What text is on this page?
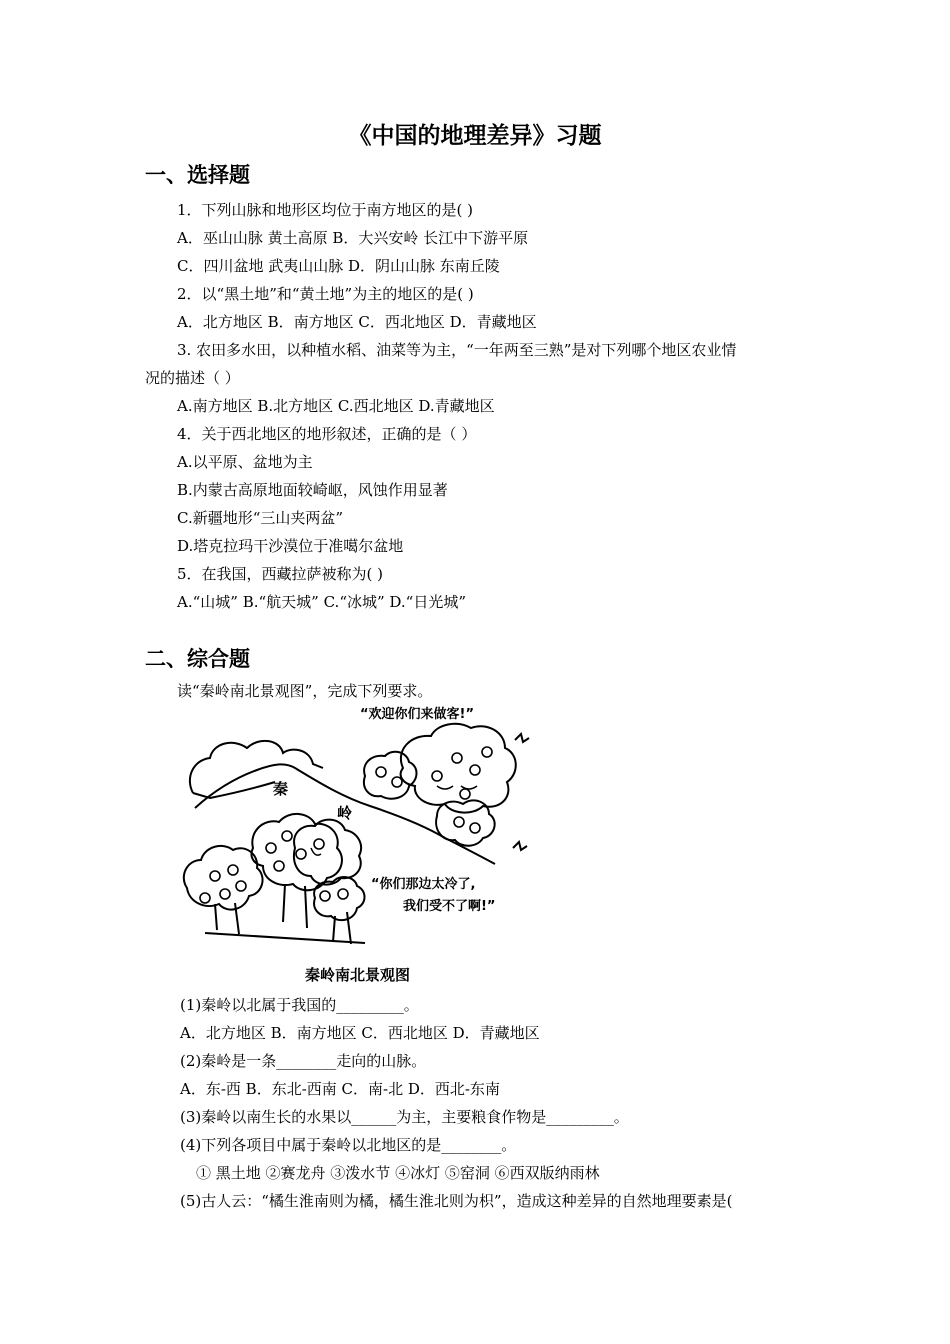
《中国的地理差异》习题
一、选择题
1．下列山脉和地形区均位于南方地区的是( )
A．巫山山脉 黄土高原 B．大兴安岭 长江中下游平原
C．四川盆地 武夷山山脉 D．阴山山脉 东南丘陵
2．以“黑土地”和“黄土地”为主的地区的是( )
A．北方地区 B．南方地区 C．西北地区 D．青藏地区
3. 农田多水田，以种植水稻、油菜等为主，“一年两至三熟”是对下列哪个地区农业情
况的描述（ ）
A.南方地区 B.北方地区 C.西北地区 D.青藏地区
4．关于西北地区的地形叙述，正确的是（ ）
A.以平原、盆地为主
B.内蒙古高原地面较崎岖，风蚀作用显著
C.新疆地形“三山夹两盆”
D.塔克拉玛干沙漠位于准噶尔盆地
5．在我国，西藏拉萨被称为( )
A.“山城” B.“航天城” C.“冰城” D.“日光城”
二、综合题
读“秦岭南北景观图”，完成下列要求。
“欢迎你们来做客!”
“你们那边太冷了,
我们受不了啊!”
秦
岭
秦岭南北景观图
(1)秦岭以北属于我国的_________。
A．北方地区 B．南方地区 C．西北地区 D．青藏地区
(2)秦岭是一条________走向的山脉。
A．东-西 B．东北-西南 C．南-北 D．西北-东南
(3)秦岭以南生长的水果以______为主，主要粮食作物是_________。
(4)下列各项目中属于秦岭以北地区的是________。
① 黑土地 ②赛龙舟 ③泼水节 ④冰灯 ⑤窑洞 ⑥西双版纳雨林
(5)古人云：“橘生淮南则为橘，橘生淮北则为枳”，造成这种差异的自然地理要素是(
